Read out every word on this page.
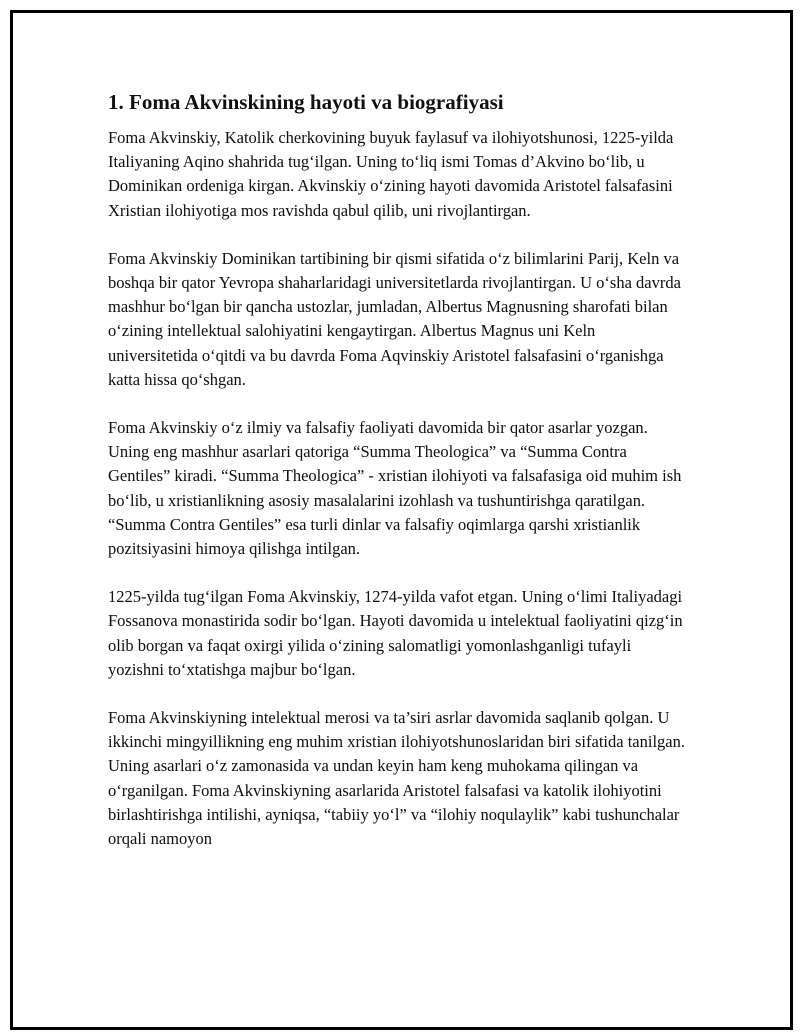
1. Foma Akvinskining hayoti va biografiyasi

Foma Akvinskiy, Katolik cherkovining buyuk faylasuf va ilohiyotshunosi, 1225-yilda Italiyaning Aqino shahrida tug‘ilgan. Uning to‘liq ismi Tomas d’Akvino bo‘lib, u Dominikan ordeniga kirgan. Akvinskiy o‘zining hayoti davomida Aristotel falsafasini Xristian ilohiyotiga mos ravishda qabul qilib, uni rivojlantirgan.

Foma Akvinskiy Dominikan tartibining bir qismi sifatida o‘z bilimlarini Parij, Keln va boshqa bir qator Yevropa shaharlaridagi universitetlarda rivojlantirgan. U o‘sha davrda mashhur bo‘lgan bir qancha ustozlar, jumladan, Albertus Magnusning sharofati bilan o‘zining intellektual salohiyatini kengaytirgan. Albertus Magnus uni Keln universitetida o‘qitdi va bu davrda Foma Aqvinskiy Aristotel falsafasini o‘rganishga katta hissa qo‘shgan.

Foma Akvinskiy o‘z ilmiy va falsafiy faoliyati davomida bir qator asarlar yozgan. Uning eng mashhur asarlari qatoriga “Summa Theologica” va “Summa Contra Gentiles” kiradi. “Summa Theologica” - xristian ilohiyoti va falsafasiga oid muhim ish bo‘lib, u xristianlikning asosiy masalalarini izohlash va tushuntirishga qaratilgan. “Summa Contra Gentiles” esa turli dinlar va falsafiy oqimlarga qarshi xristianlik pozitsiyasini himoya qilishga intilgan.

1225-yilda tug‘ilgan Foma Akvinskiy, 1274-yilda vafot etgan. Uning o‘limi Italiyadagi Fossanova monastirida sodir bo‘lgan. Hayoti davomida u intelektual faoliyatini qizg‘in olib borgan va faqat oxirgi yilida o‘zining salomatligi yomonlashganligi tufayli yozishni to‘xtatishga majbur bo‘lgan.

Foma Akvinskiyning intelektual merosi va ta’siri asrlar davomida saqlanib qolgan. U ikkinchi mingyillikning eng muhim xristian ilohiyotshunoslaridan biri sifatida tanilgan. Uning asarlari o‘z zamonasida va undan keyin ham keng muhokama qilingan va o‘rganilgan. Foma Akvinskiyning asarlarida Aristotel falsafasi va katolik ilohiyotini birlashtirishga intilishi, ayniqsa, “tabiiy yo‘l” va “ilohiy noqulaylik” kabi tushunchalar orqali namoyon
